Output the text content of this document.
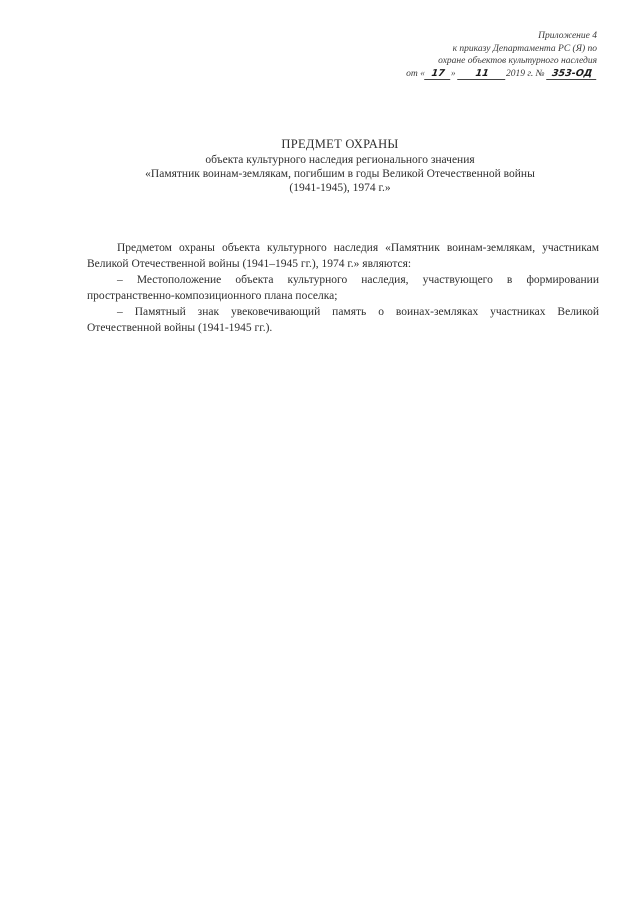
Приложение 4
к приказу Департамента РС (Я) по
охране объектов культурного наследия
от « 17 » 11 2019 г. № 353-ОД
ПРЕДМЕТ ОХРАНЫ
объекта культурного наследия регионального значения
«Памятник воинам-землякам, погибшим в годы Великой Отечественной войны
(1941-1945), 1974 г.»

Предметом охраны объекта культурного наследия «Памятник воинам-землякам, участникам Великой Отечественной войны (1941–1945 гг.), 1974 г.» являются:

– Местоположение объекта культурного наследия, участвующего в формировании пространственно-композиционного плана поселка;

– Памятный знак увековечивающий память о воинах-земляках участниках Великой Отечественной войны (1941-1945 гг.).
